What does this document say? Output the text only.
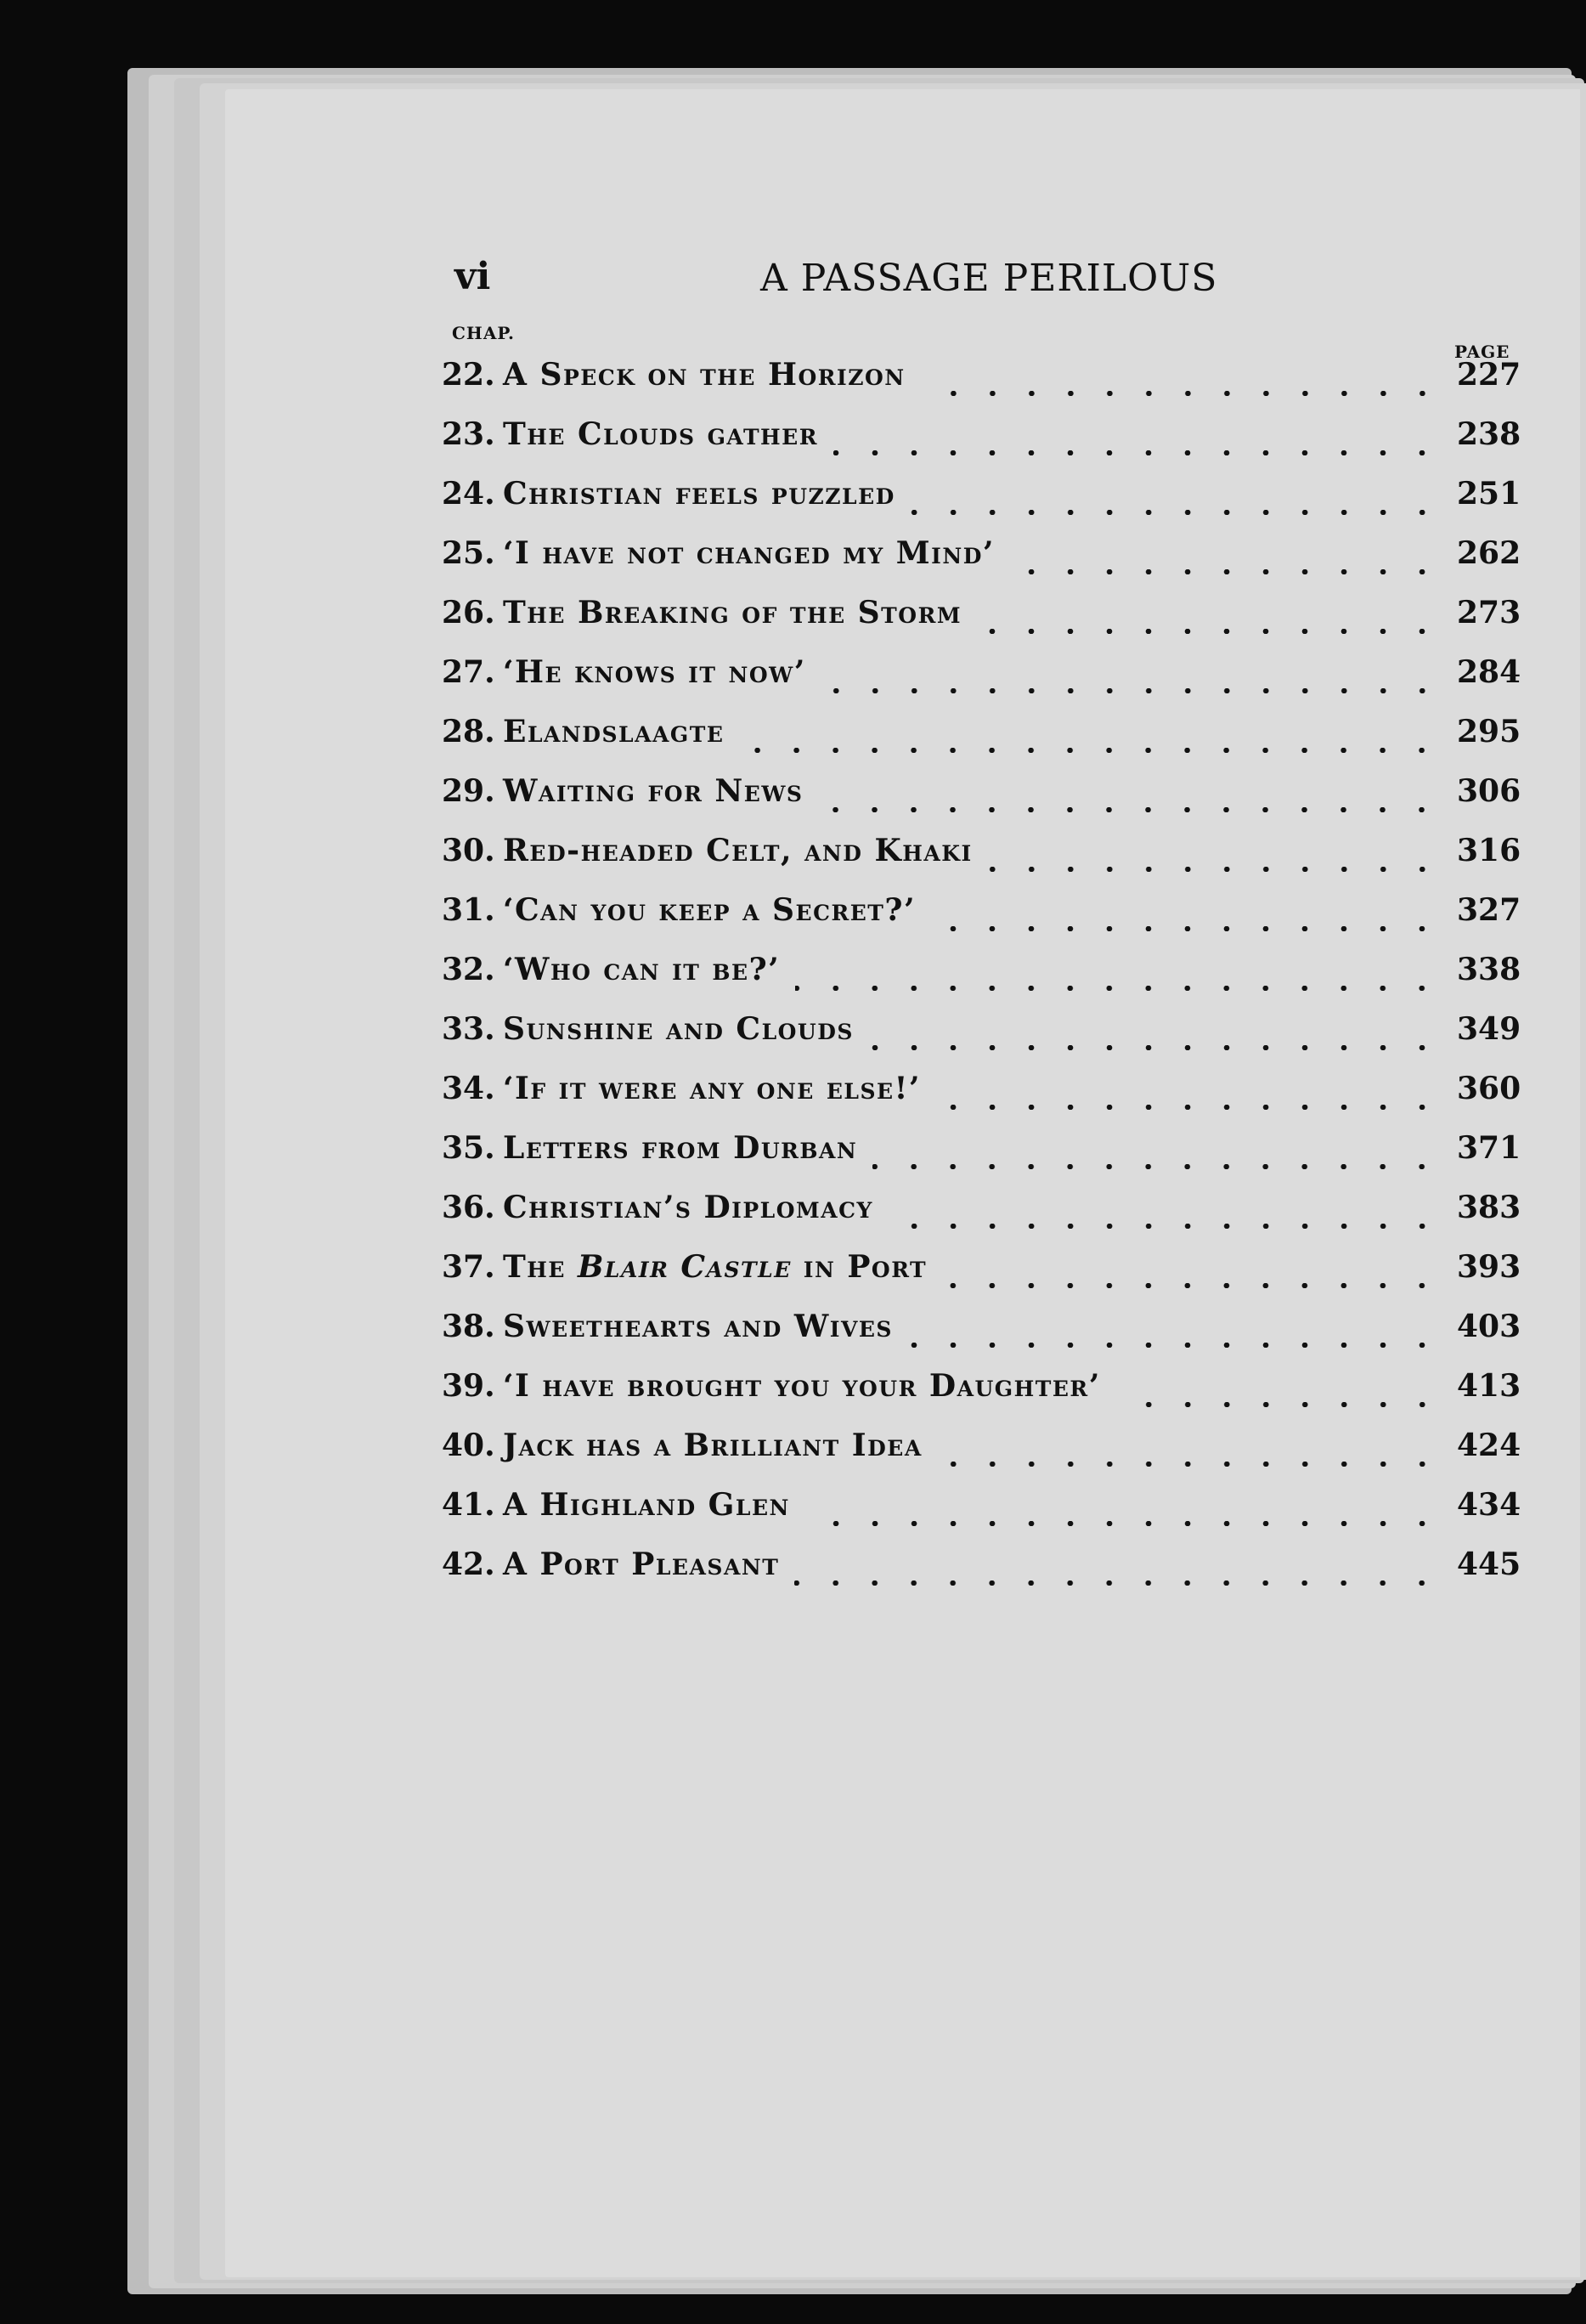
vi	A PASSAGE PERILOUS
CHAP.
PAGE
22. A Speck on the Horizon	227
23. The Clouds gather	238
24. Christian feels puzzled	251
25. ‘I have not changed my Mind’	262
26. The Breaking of the Storm	273
27. ‘He knows it now’	284
28. Elandslaagte	295
29. Waiting for News	306
30. Red-headed Celt, and Khaki	316
31. ‘Can you keep a Secret?’	327
32. ‘Who can it be?’	338
33. Sunshine and Clouds	349
34. ‘If it were any one else!’	360
35. Letters from Durban	371
36. Christian’s Diplomacy	383
37. The Blair Castle in Port	393
38. Sweethearts and Wives	403
39. ‘I have brought you your Daughter’	413
40. Jack has a Brilliant Idea	424
41. A Highland Glen	434
42. A Port Pleasant	445
